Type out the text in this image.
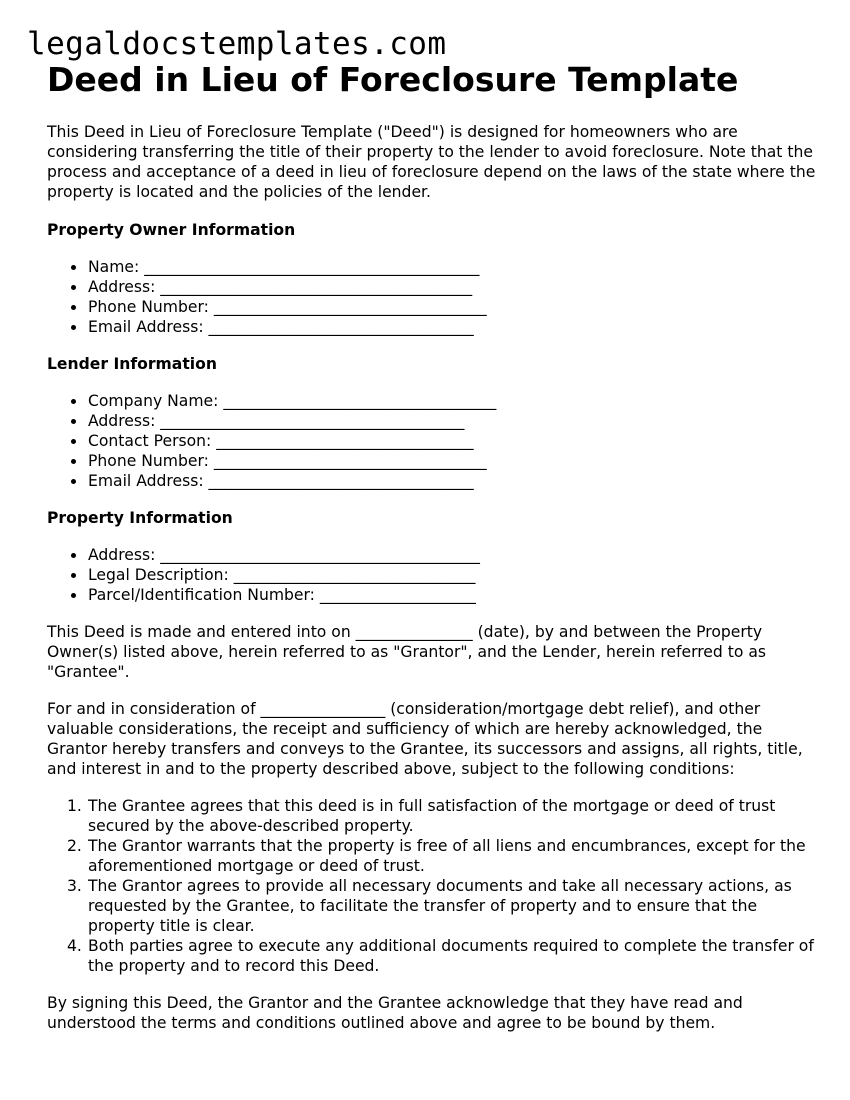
legaldocstemplates.com
Deed in Lieu of Foreclosure Template

This Deed in Lieu of Foreclosure Template ("Deed") is designed for homeowners who are considering transferring the title of their property to the lender to avoid foreclosure. Note that the process and acceptance of a deed in lieu of foreclosure depend on the laws of the state where the property is located and the policies of the lender.

Property Owner Information
Name: ___________________________________________
Address: ________________________________________
Phone Number: ___________________________________
Email Address: __________________________________
Lender Information
Company Name: ___________________________________
Address: _______________________________________
Contact Person: _________________________________
Phone Number: ___________________________________
Email Address: __________________________________
Property Information
Address: _________________________________________
Legal Description: _______________________________
Parcel/Identification Number: ____________________

This Deed is made and entered into on _______________ (date), by and between the Property Owner(s) listed above, herein referred to as "Grantor", and the Lender, herein referred to as "Grantee".

For and in consideration of ________________ (consideration/mortgage debt relief), and other valuable considerations, the receipt and sufficiency of which are hereby acknowledged, the Grantor hereby transfers and conveys to the Grantee, its successors and assigns, all rights, title, and interest in and to the property described above, subject to the following conditions:

1. The Grantee agrees that this deed is in full satisfaction of the mortgage or deed of trust secured by the above-described property.
2. The Grantor warrants that the property is free of all liens and encumbrances, except for the aforementioned mortgage or deed of trust.
3. The Grantor agrees to provide all necessary documents and take all necessary actions, as requested by the Grantee, to facilitate the transfer of property and to ensure that the property title is clear.
4. Both parties agree to execute any additional documents required to complete the transfer of the property and to record this Deed.

By signing this Deed, the Grantor and the Grantee acknowledge that they have read and understood the terms and conditions outlined above and agree to be bound by them.
